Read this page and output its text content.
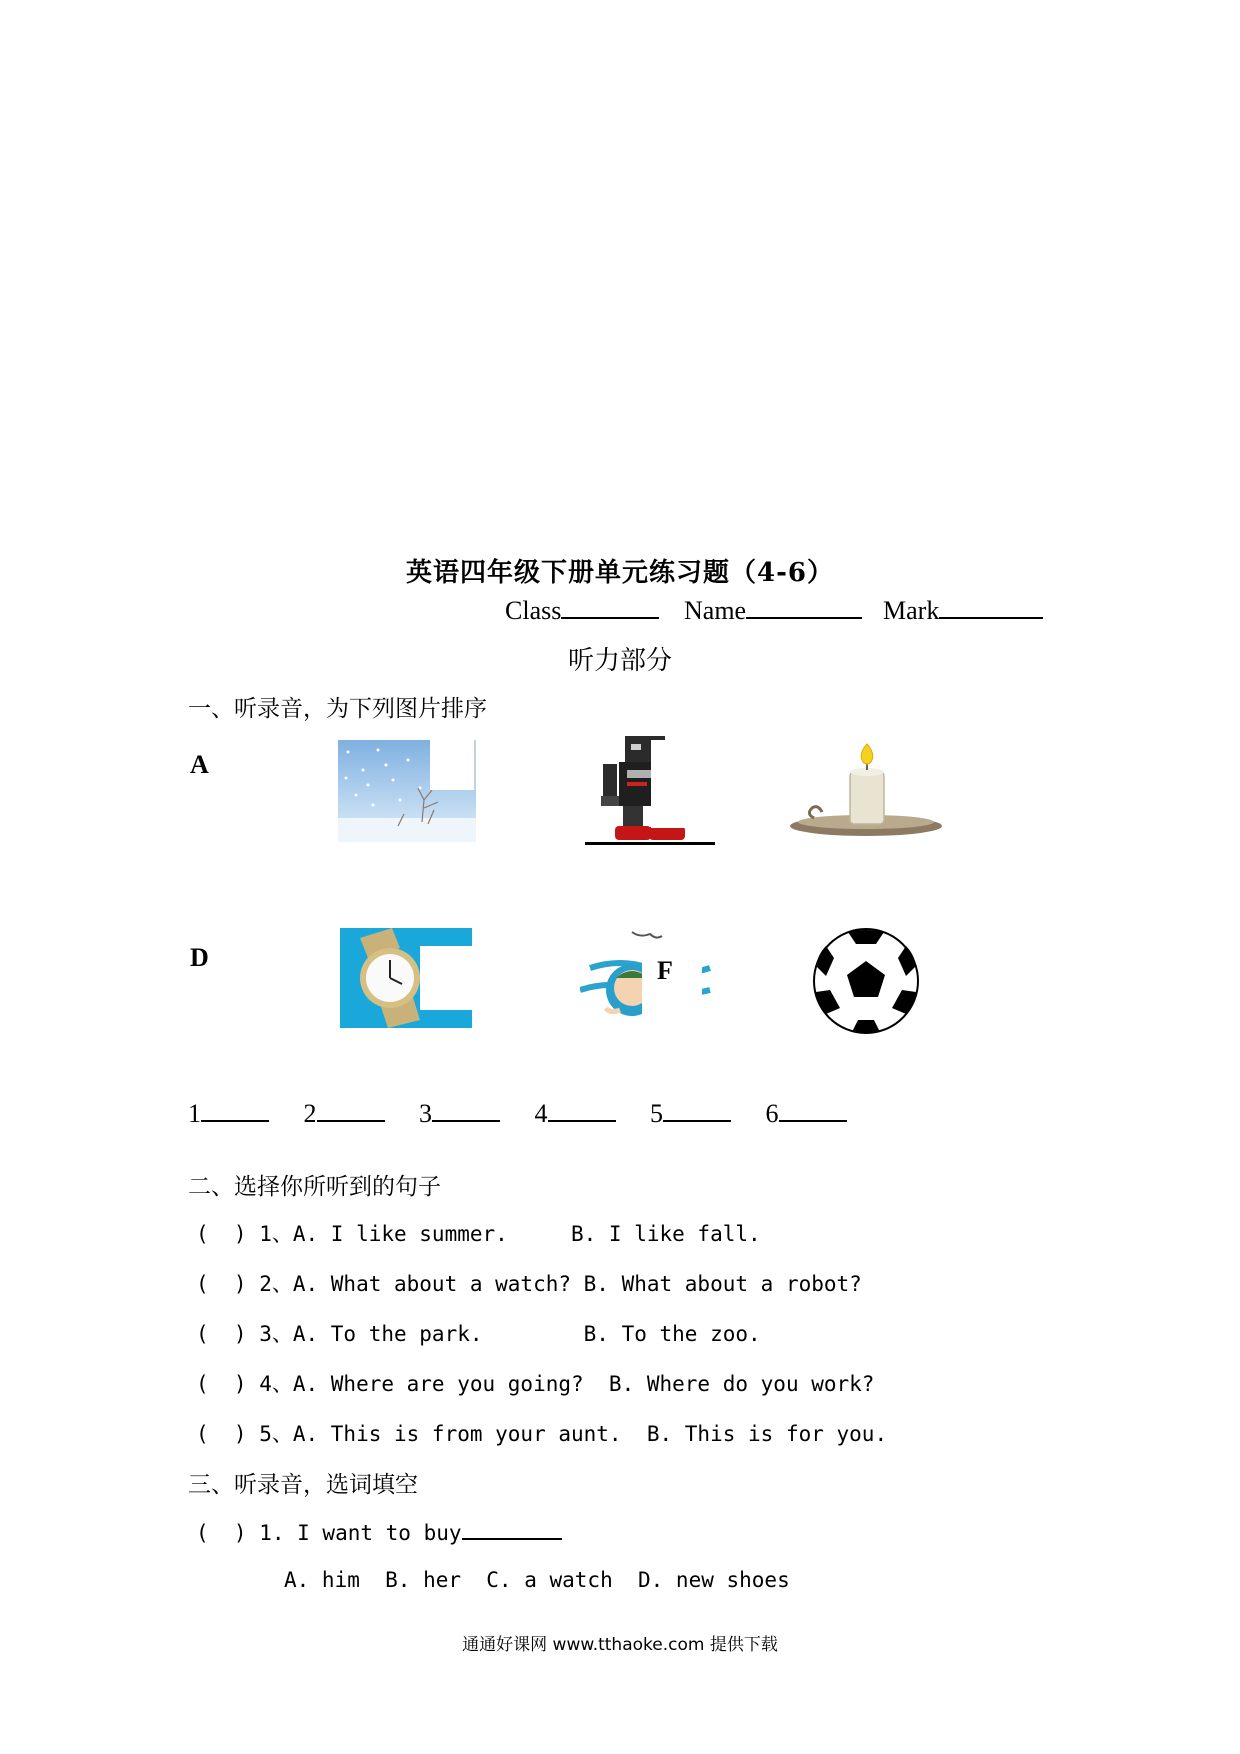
英语四年级下册单元练习题（4-6）
Class	Name	Mark
听力部分
一、听录音，为下列图片排序
A
D	F
1	2	3	4	5	6
二、选择你所听到的句子
(  ) 1、A. I like summer.     B. I like fall.
(  ) 2、A. What about a watch? B. What about a robot?
(  ) 3、A. To the park.        B. To the zoo.
(  ) 4、A. Where are you going?  B. Where do you work?
(  ) 5、A. This is from your aunt.  B. This is for you.
三、听录音，选词填空
(  ) 1. I want to buy
A. him  B. her  C. a watch  D. new shoes
通通好课网 www.tthaoke.com 提供下载
